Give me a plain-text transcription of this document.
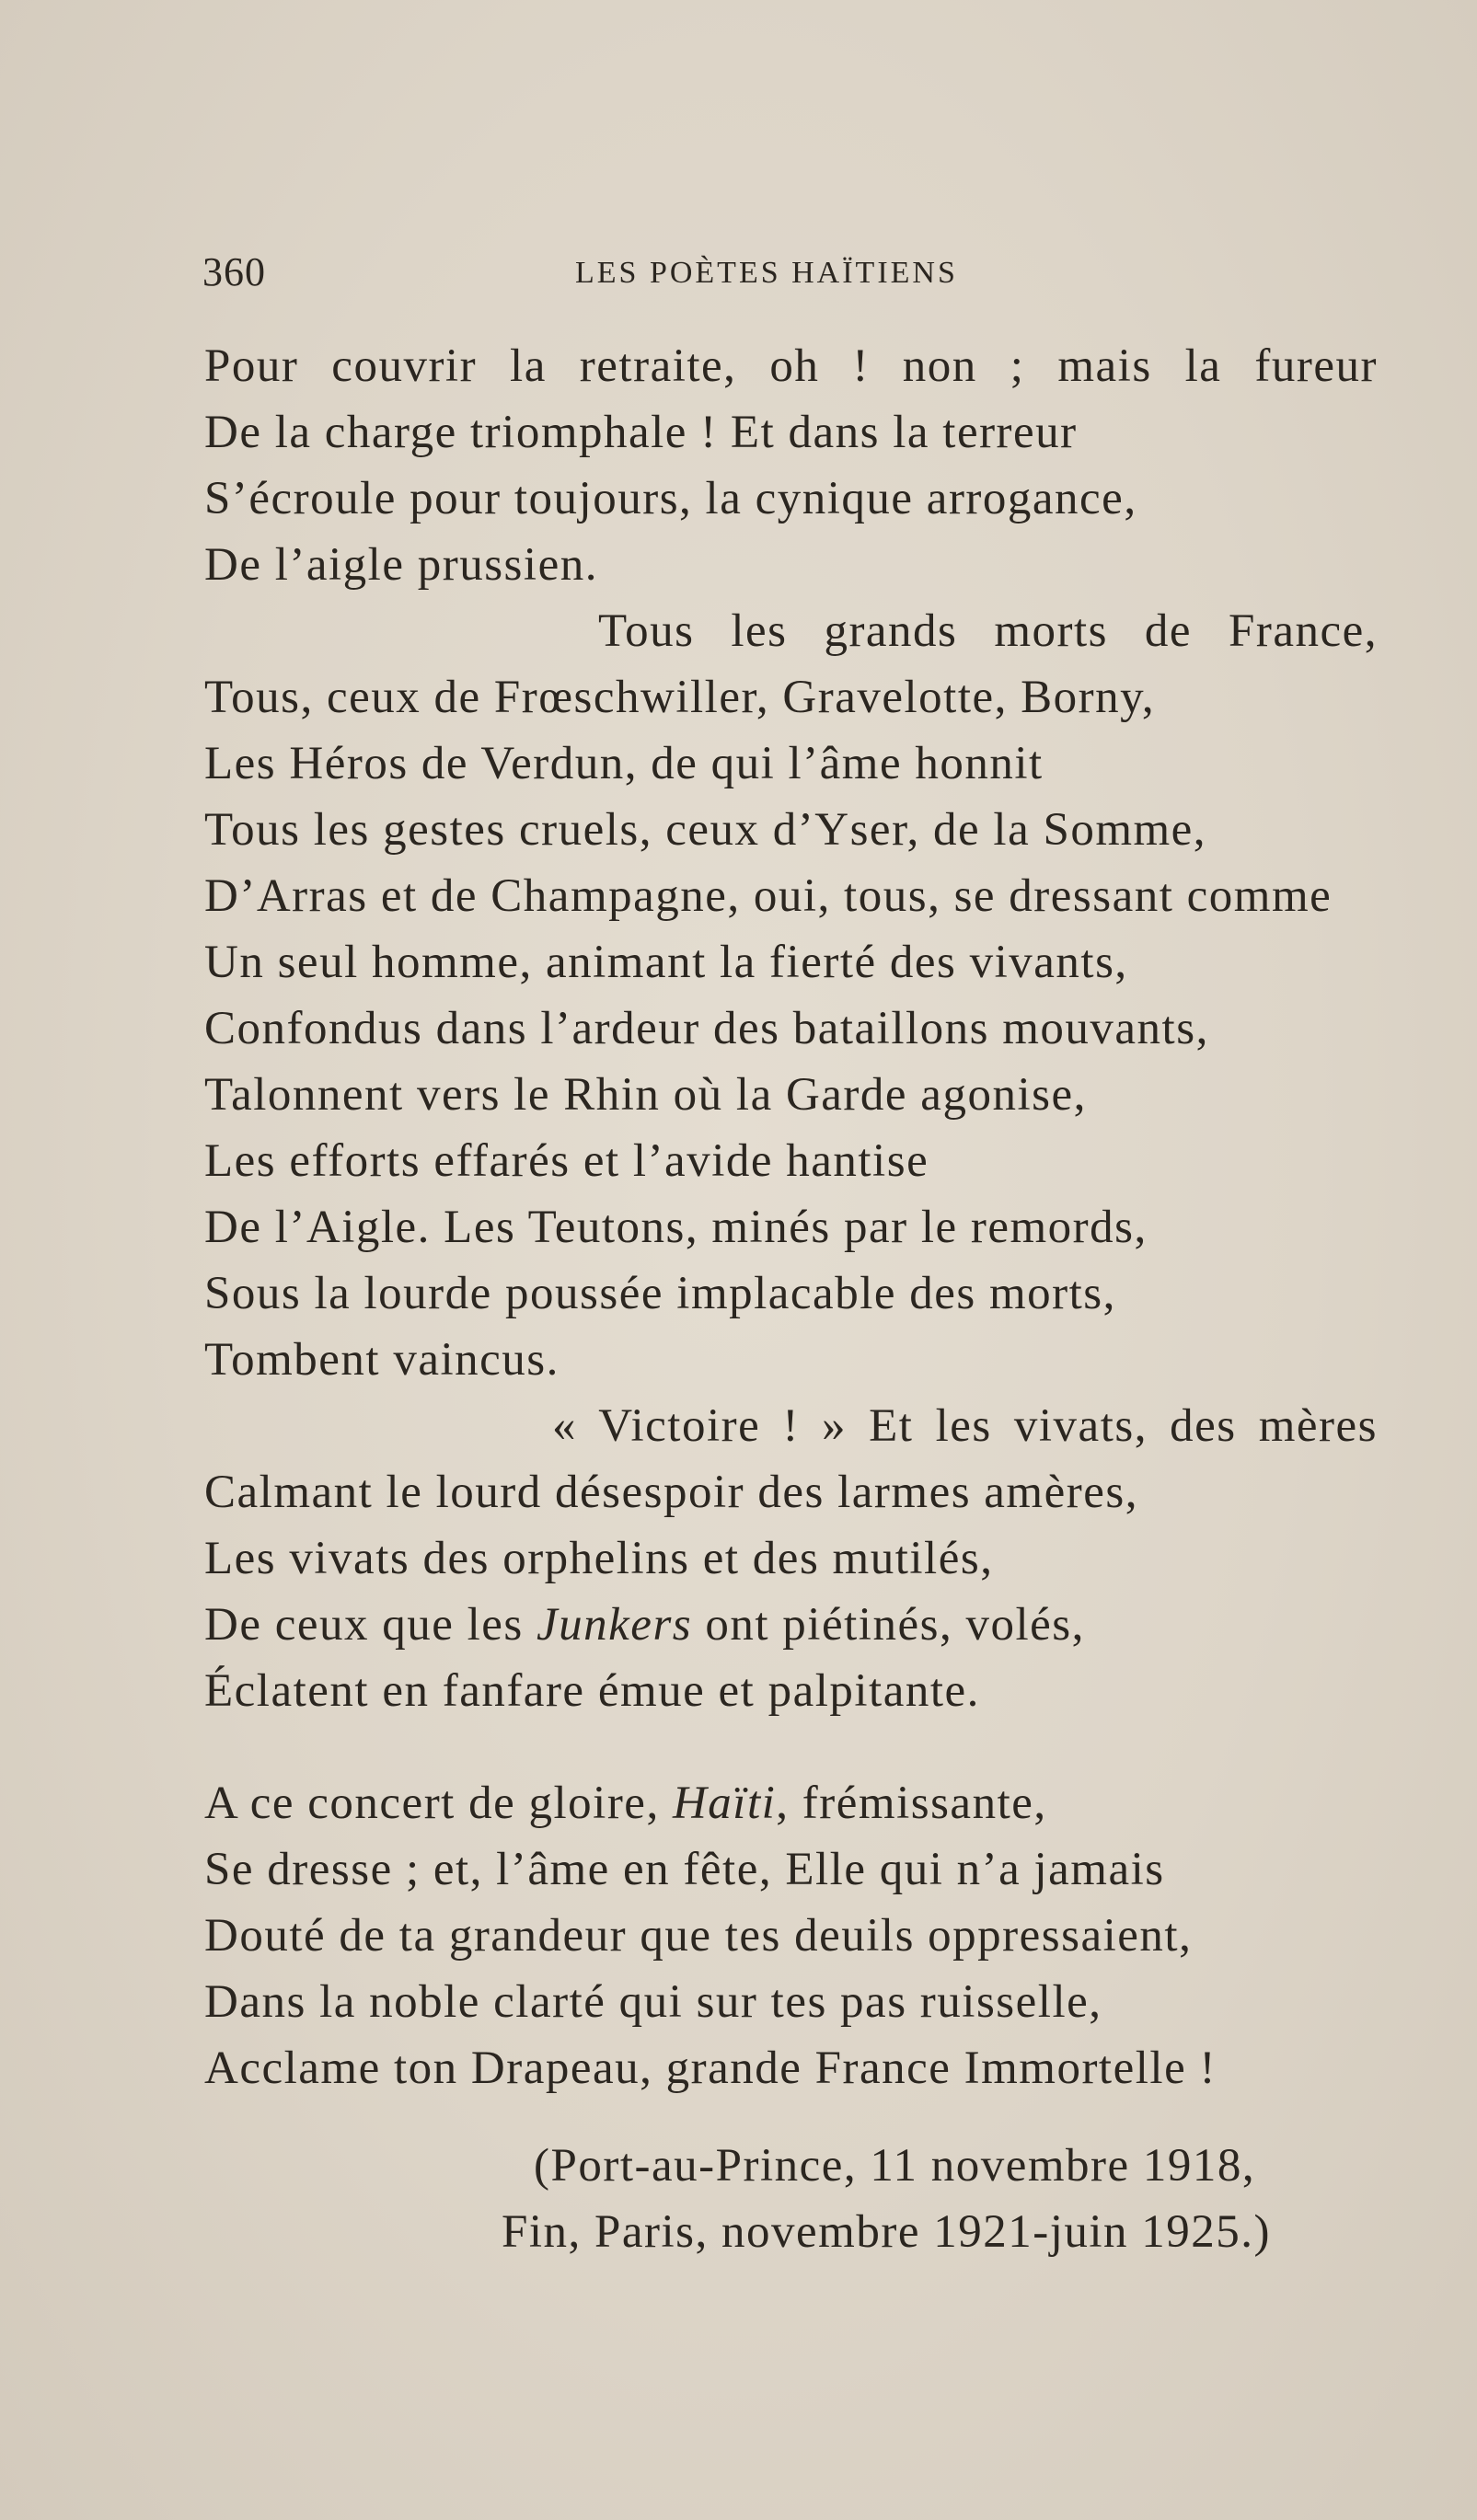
360	LES POÈTES HAÏTIENS
Pour couvrir la retraite, oh ! non ; mais la fureur
De la charge triomphale ! Et dans la terreur
S’écroule pour toujours, la cynique arrogance,
De l’aigle prussien.
Tous les grands morts de France,
Tous, ceux de Frœschwiller, Gravelotte, Borny,
Les Héros de Verdun, de qui l’âme honnit
Tous les gestes cruels, ceux d’Yser, de la Somme,
D’Arras et de Champagne, oui, tous, se dressant comme
Un seul homme, animant la fierté des vivants,
Confondus dans l’ardeur des bataillons mouvants,
Talonnent vers le Rhin où la Garde agonise,
Les efforts effarés et l’avide hantise
De l’Aigle. Les Teutons, minés par le remords,
Sous la lourde poussée implacable des morts,
Tombent vaincus.
« Victoire ! » Et les vivats, des mères
Calmant le lourd désespoir des larmes amères,
Les vivats des orphelins et des mutilés,
De ceux que les Junkers ont piétinés, volés,
Éclatent en fanfare émue et palpitante.
A ce concert de gloire, Haïti, frémissante,
Se dresse ; et, l’âme en fête, Elle qui n’a jamais
Douté de ta grandeur que tes deuils oppressaient,
Dans la noble clarté qui sur tes pas ruisselle,
Acclame ton Drapeau, grande France Immortelle !
(Port-au-Prince, 11 novembre 1918,
Fin, Paris, novembre 1921-juin 1925.)
